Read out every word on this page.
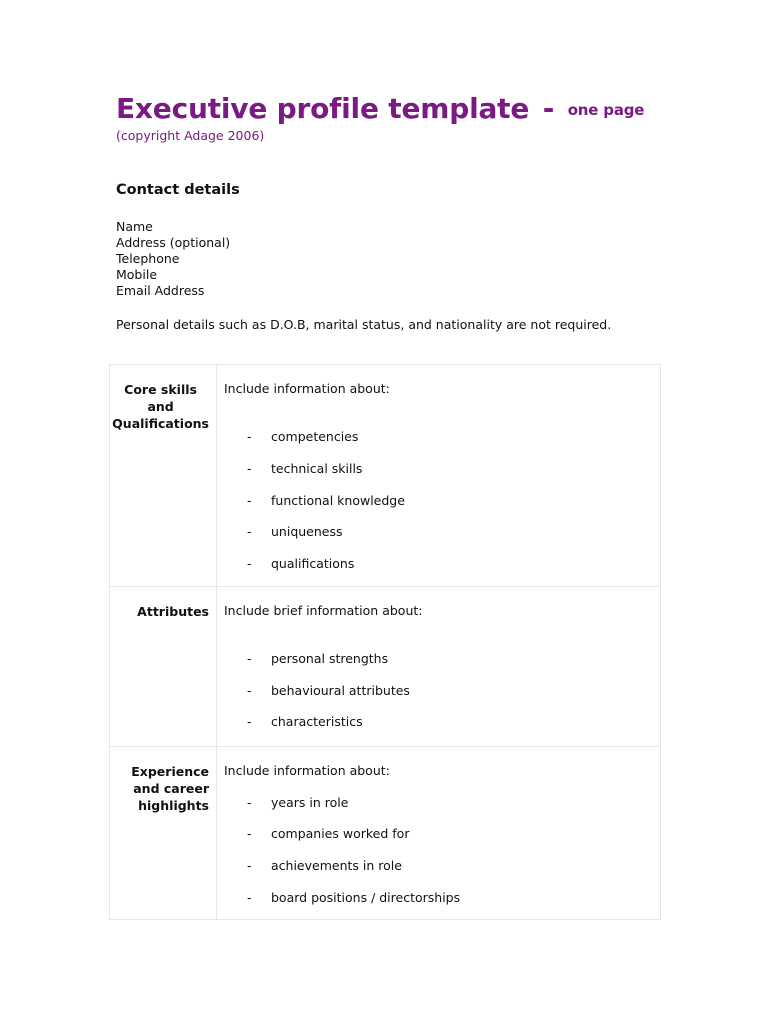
Executive profile template - $^{one page}$
(copyright Adage 2006)
Contact details
Name
Address (optional)
Telephone
Mobile
Email Address
Personal details such as D.O.B, marital status, and nationality are not required.
Core skills
and
Qualifications
Include information about:
- competencies
- technical skills
- functional knowledge
- uniqueness
- qualifications
Attributes Include brief information about:
- personal strengths
- behavioural attributes
- characteristics
Experience
and career
highlights
Include information about:
- years in role
- companies worked for
- achievements in role
- board positions / directorships
